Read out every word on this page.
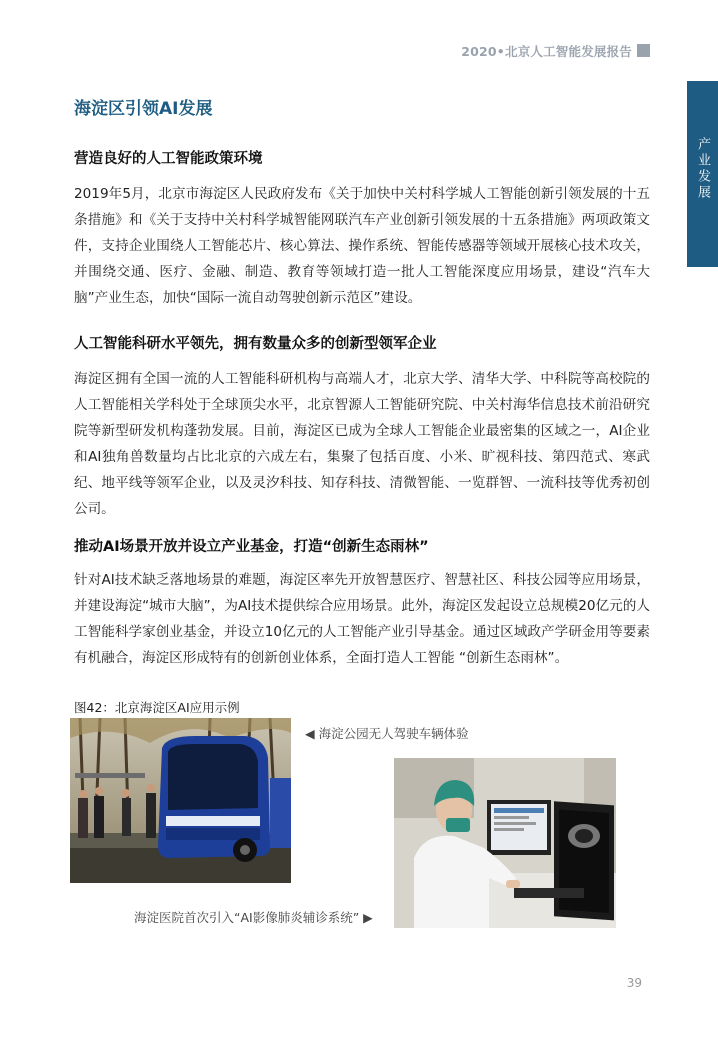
2020•北京人工智能发展报告
产业发展
海淀区引领AI发展
营造良好的人工智能政策环境
2019年5月，北京市海淀区人民政府发布《关于加快中关村科学城人工智能创新引领发展的十五条措施》和《关于支持中关村科学城智能网联汽车产业创新引领发展的十五条措施》两项政策文件，支持企业围绕人工智能芯片、核心算法、操作系统、智能传感器等领域开展核心技术攻关，并围绕交通、医疗、金融、制造、教育等领域打造一批人工智能深度应用场景，建设“汽车大脑”产业生态，加快“国际一流自动驾驶创新示范区”建设。
人工智能科研水平领先，拥有数量众多的创新型领军企业
海淀区拥有全国一流的人工智能科研机构与高端人才，北京大学、清华大学、中科院等高校院的人工智能相关学科处于全球顶尖水平，北京智源人工智能研究院、中关村海华信息技术前沿研究院等新型研发机构蓬勃发展。目前，海淀区已成为全球人工智能企业最密集的区域之一，AI企业和AI独角兽数量均占比北京的六成左右，集聚了包括百度、小米、旷视科技、第四范式、寒武纪、地平线等领军企业，以及灵汐科技、知存科技、清微智能、一览群智、一流科技等优秀初创公司。
推动AI场景开放并设立产业基金，打造“创新生态雨林”
针对AI技术缺乏落地场景的难题，海淀区率先开放智慧医疗、智慧社区、科技公园等应用场景，并建设海淀“城市大脑”，为AI技术提供综合应用场景。此外，海淀区发起设立总规模20亿元的人工智能科学家创业基金，并设立10亿元的人工智能产业引导基金。通过区域政产学研金用等要素有机融合，海淀区形成特有的创新创业体系，全面打造人工智能 “创新生态雨林”。
图42：北京海淀区AI应用示例
◀ 海淀公园无人驾驶车辆体验
海淀医院首次引入“AI影像肺炎辅诊系统” ▶
39
